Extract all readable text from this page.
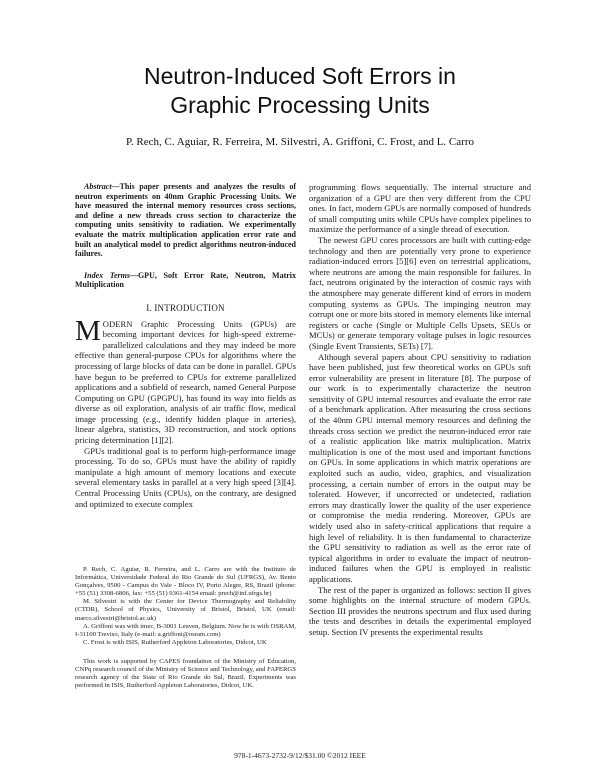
Neutron-Induced Soft Errors in
Graphic Processing Units
P. Rech, C. Aguiar, R. Ferreira, M. Silvestri, A. Griffoni, C. Frost, and L. Carro

Abstract—This paper presents and analyzes the results of neutron experiments on 40nm Graphic Processing Units. We have measured the internal memory resources cross sections, and define a new threads cross section to characterize the computing units sensitivity to radiation. We experimentally evaluate the matrix multiplication application error rate and built an analytical model to predict algorithms neutron-induced failures.

Index Terms—GPU, Soft Error Rate, Neutron, Matrix Multiplication

I. INTRODUCTION

MODERN Graphic Processing Units (GPUs) are becoming important devices for high-speed extreme-parallelized calculations and they may indeed be more effective than general-purpose CPUs for algorithms where the processing of large blocks of data can be done in parallel. GPUs have begun to be preferred to CPUs for extreme parallelized applications and a subfield of research, named General Purpose Computing on GPU (GPGPU), has found its way into fields as diverse as oil exploration, analysis of air traffic flow, medical image processing (e.g., identify hidden plaque in arteries), linear algebra, statistics, 3D reconstruction, and stock options pricing determination [1][2].

GPUs traditional goal is to perform high-performance image processing. To do so, GPUs must have the ability of rapidly manipulate a high amount of memory locations and execute several elementary tasks in parallel at a very high speed [3][4]. Central Processing Units (CPUs), on the contrary, are designed and optimized to execute complex

P. Rech, C. Aguiar, R. Ferreira, and L. Carro are with the Instituto de Informática, Universidade Federal do Rio Grande do Sul (UFRGS), Av. Bento Gonçalves, 9500 - Campus do Vale - Bloco IV, Porto Alegre, RS, Brazil (phone: +55 (51) 3308-6806, fax: +55 (51) 9361-4154 email: prech@inf.ufrgs.br)

M. Silvestri is with the Center for Device Thermography and Reliability (CTDR), School of Physics, University of Bristol, Bristol, UK (email: marco.silvestri@bristol.ac.uk)

A. Griffoni was with imec, B-3001 Leuven, Belgium. Now he is with OSRAM, I-31100 Treviso, Italy (e-mail: a.griffoni@osram.com)

C. Frost is with ISIS, Rutherford Appleton Laboratories, Didcot, UK

This work is supported by CAPES foundation of the Ministry of Education, CNPq research council of the Ministry of Science and Technology, and FAPERGS research agency of the State of Rio Grande do Sul, Brazil. Experiments was performed in ISIS, Rutherford Appleton Laboratories, Didcot, UK.

programming flows sequentially. The internal structure and organization of a GPU are then very different from the CPU ones. In fact, modern GPUs are normally composed of hundreds of small computing units while CPUs have complex pipelines to maximize the performance of a single thread of execution.

The newest GPU cores processors are built with cutting-edge technology and then are potentially very prone to experience radiation-induced errors [5][6] even on terrestrial applications, where neutrons are among the main responsible for failures. In fact, neutrons originated by the interaction of cosmic rays with the atmosphere may generate different kind of errors in modern computing systems as GPUs. The impinging neutron may corrupt one or more bits stored in memory elements like internal registers or cache (Single or Multiple Cells Upsets, SEUs or MCUs) or generate temporary voltage pulses in logic resources (Single Event Transients, SETs) [7].

Although several papers about CPU sensitivity to radiation have been published, just few theoretical works on GPUs soft error vulnerability are present in literature [8]. The purpose of our work is to experimentally characterize the neutron sensitivity of GPU internal resources and evaluate the error rate of a benchmark application. After measuring the cross sections of the 40nm GPU internal memory resources and defining the threads cross section we predict the neutron-induced error rate of a realistic application like matrix multiplication. Matrix multiplication is one of the most used and important functions on GPUs. In some applications in which matrix operations are exploited such as audio, video, graphics, and visualization processing, a certain number of errors in the output may be tolerated. However, if uncorrected or undetected, radiation errors may drastically lower the quality of the user experience or compromise the media rendering. Moreover, GPUs are widely used also in safety-critical applications that require a high level of reliability. It is then fundamental to characterize the GPU sensitivity to radiation as well as the error rate of typical algorithms in order to evaluate the impact of neutron-induced failures when the GPU is employed in realistic applications.

The rest of the paper is organized as follows: section II gives some highlights on the internal structure of modern GPUs. Section III provides the neutrons spectrum and flux used during the tests and describes in details the experimental employed setup. Section IV presents the experimental results

978-1-4673-2732-9/12/$31.00 ©2012 IEEE
